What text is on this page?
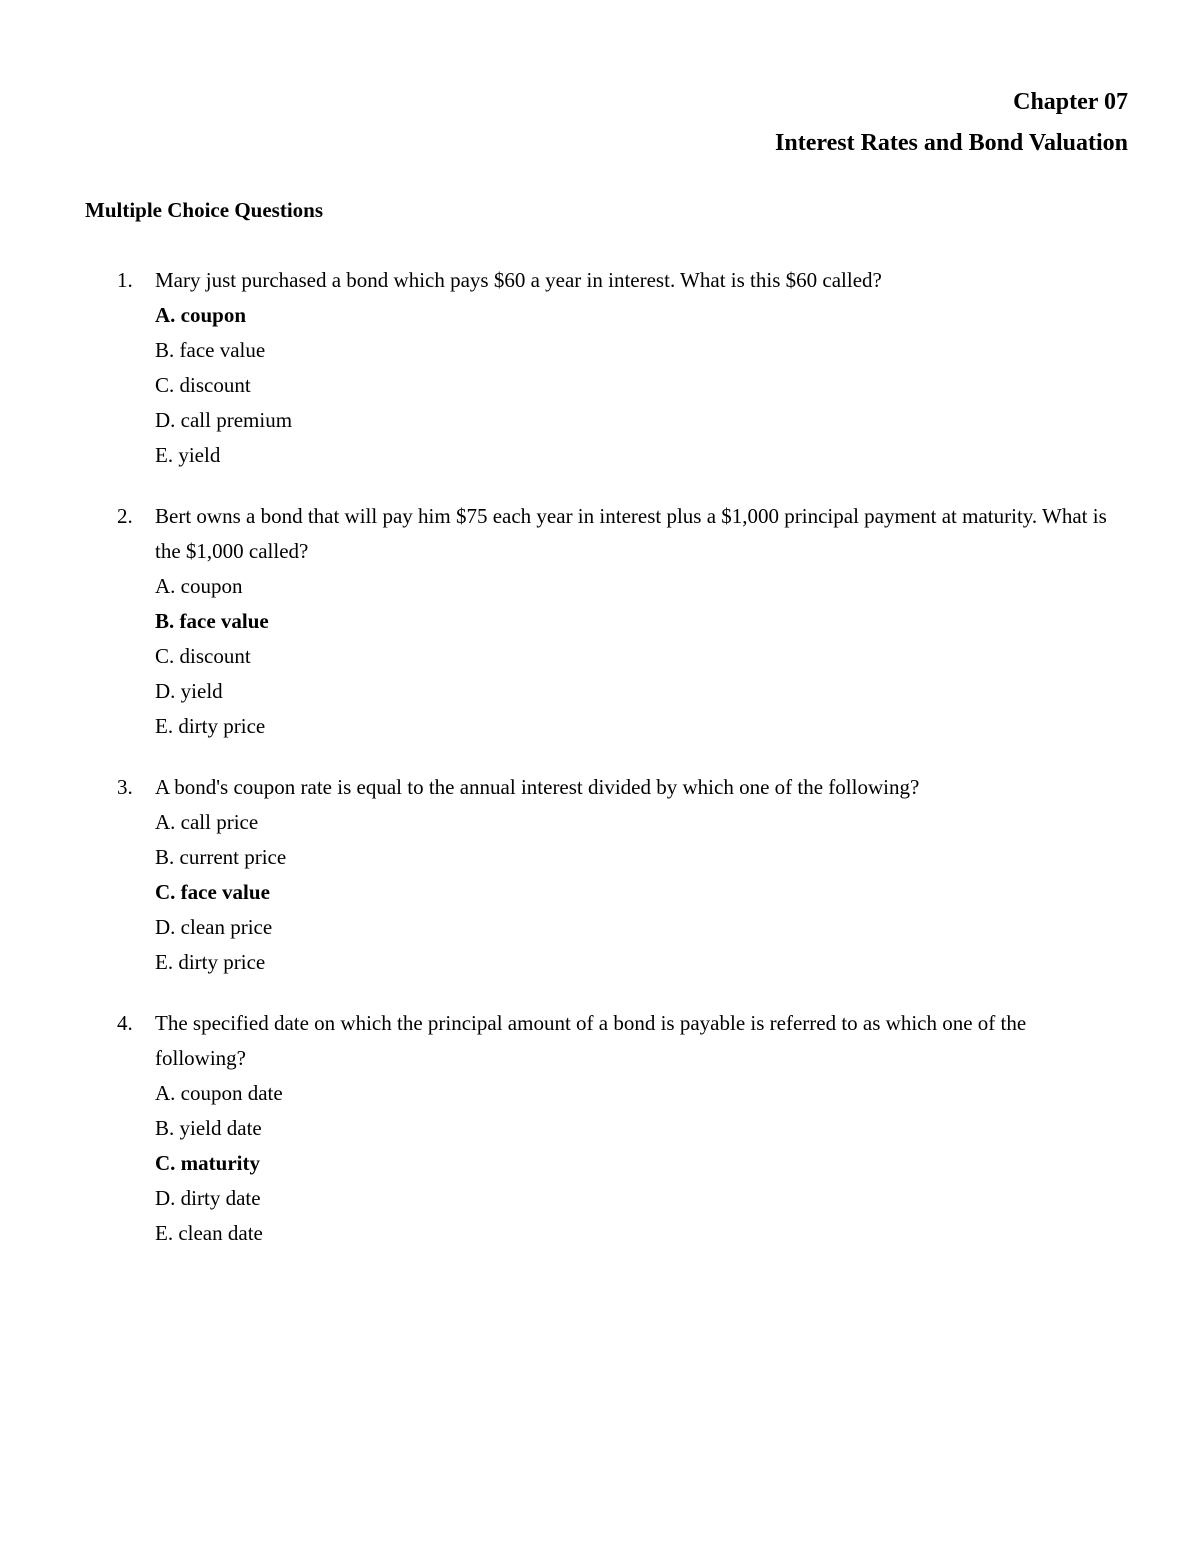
Chapter 07
Interest Rates and Bond Valuation
Multiple Choice Questions
1. Mary just purchased a bond which pays $60 a year in interest. What is this $60 called?
A. coupon
B. face value
C. discount
D. call premium
E. yield
2. Bert owns a bond that will pay him $75 each year in interest plus a $1,000 principal payment at maturity. What is the $1,000 called?
A. coupon
B. face value
C. discount
D. yield
E. dirty price
3. A bond's coupon rate is equal to the annual interest divided by which one of the following?
A. call price
B. current price
C. face value
D. clean price
E. dirty price
4. The specified date on which the principal amount of a bond is payable is referred to as which one of the following?
A. coupon date
B. yield date
C. maturity
D. dirty date
E. clean date
